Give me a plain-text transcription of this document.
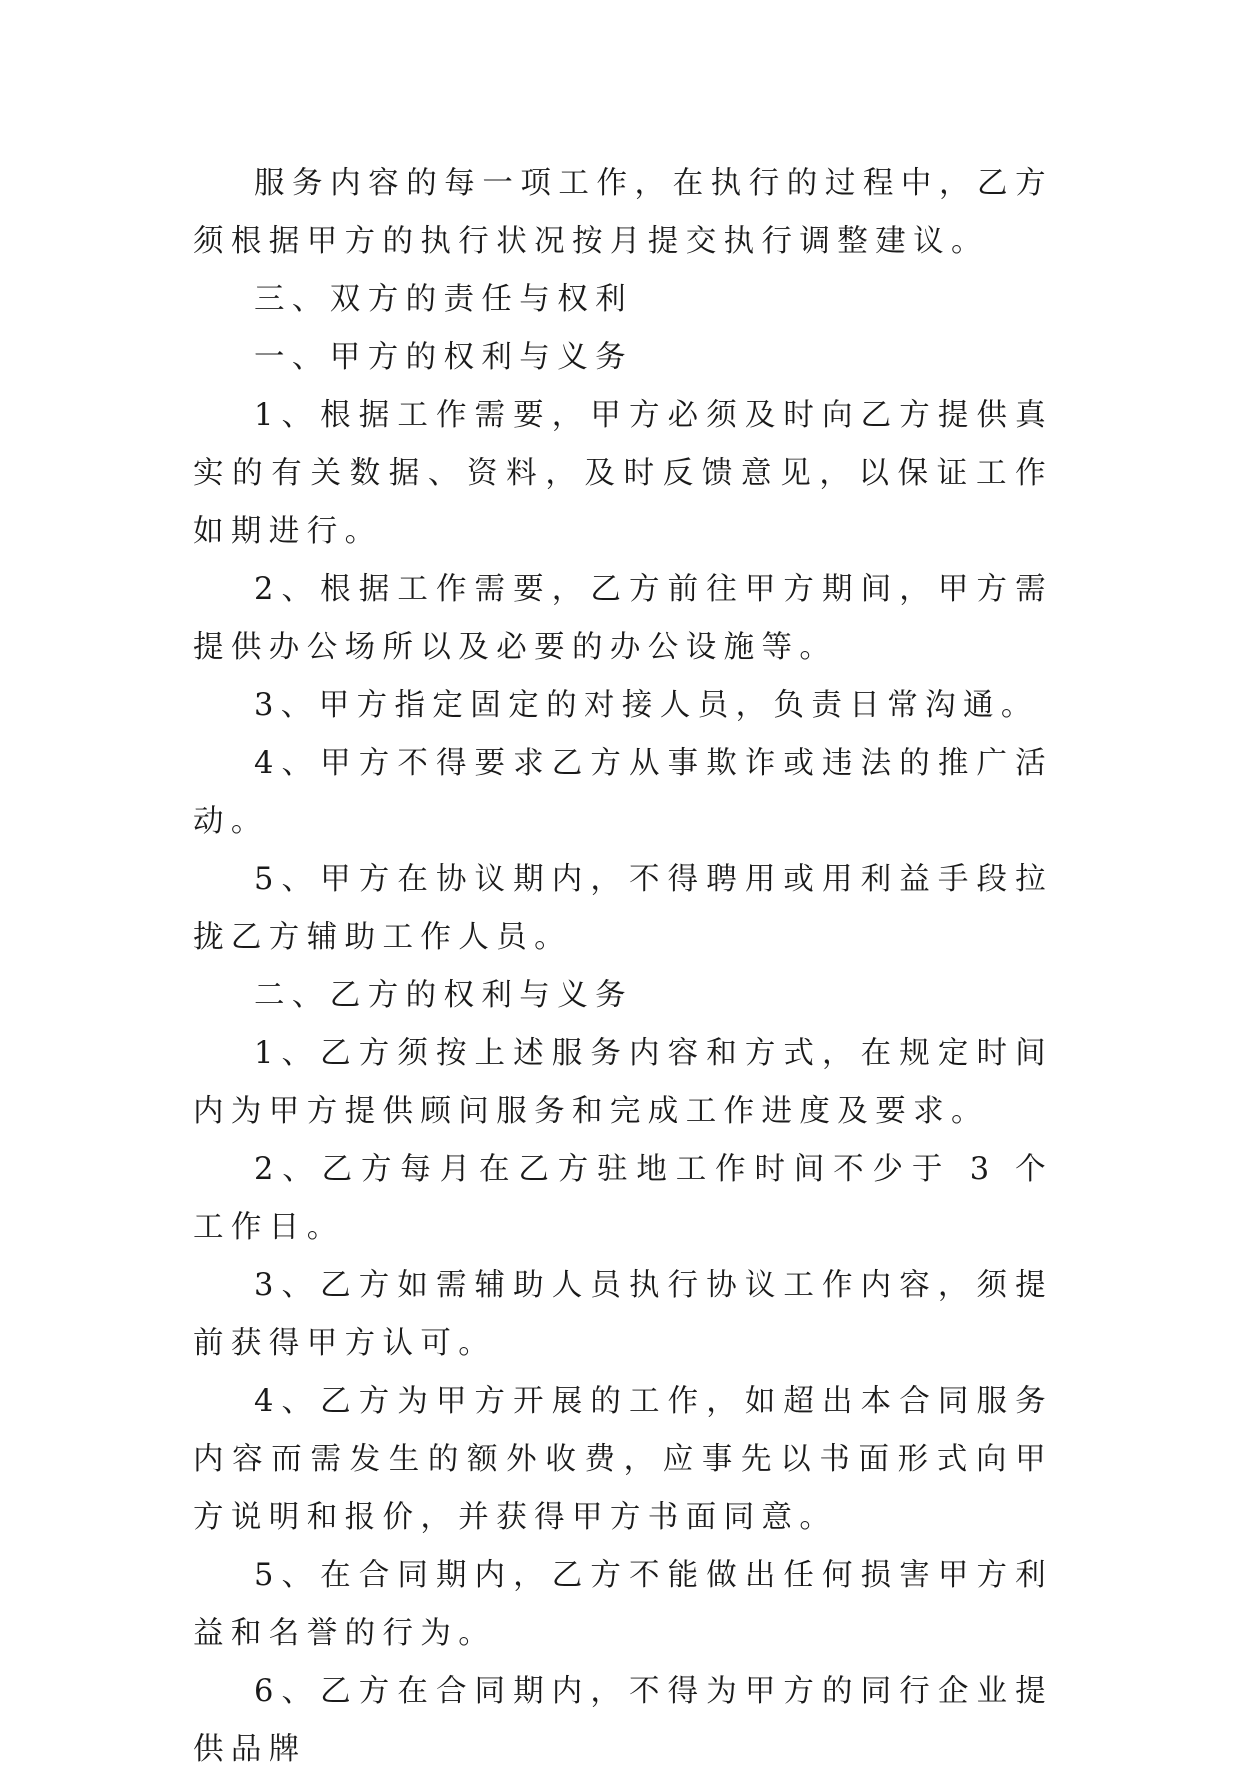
服务内容的每一项工作，在执行的过程中，乙方须根据甲方的执行状况按月提交执行调整建议。

三、双方的责任与权利

一、甲方的权利与义务

1、根据工作需要，甲方必须及时向乙方提供真实的有关数据、资料，及时反馈意见，以保证工作如期进行。

2、根据工作需要，乙方前往甲方期间，甲方需提供办公场所以及必要的办公设施等。

3、甲方指定固定的对接人员，负责日常沟通。

4、甲方不得要求乙方从事欺诈或违法的推广活动。

5、甲方在协议期内，不得聘用或用利益手段拉拢乙方辅助工作人员。

二、乙方的权利与义务

1、乙方须按上述服务内容和方式，在规定时间内为甲方提供顾问服务和完成工作进度及要求。

2、乙方每月在乙方驻地工作时间不少于 3 个工作日。

3、乙方如需辅助人员执行协议工作内容，须提前获得甲方认可。

4、乙方为甲方开展的工作，如超出本合同服务内容而需发生的额外收费，应事先以书面形式向甲方说明和报价，并获得甲方书面同意。

5、在合同期内，乙方不能做出任何损害甲方利益和名誉的行为。

6、乙方在合同期内，不得为甲方的同行企业提供品牌
